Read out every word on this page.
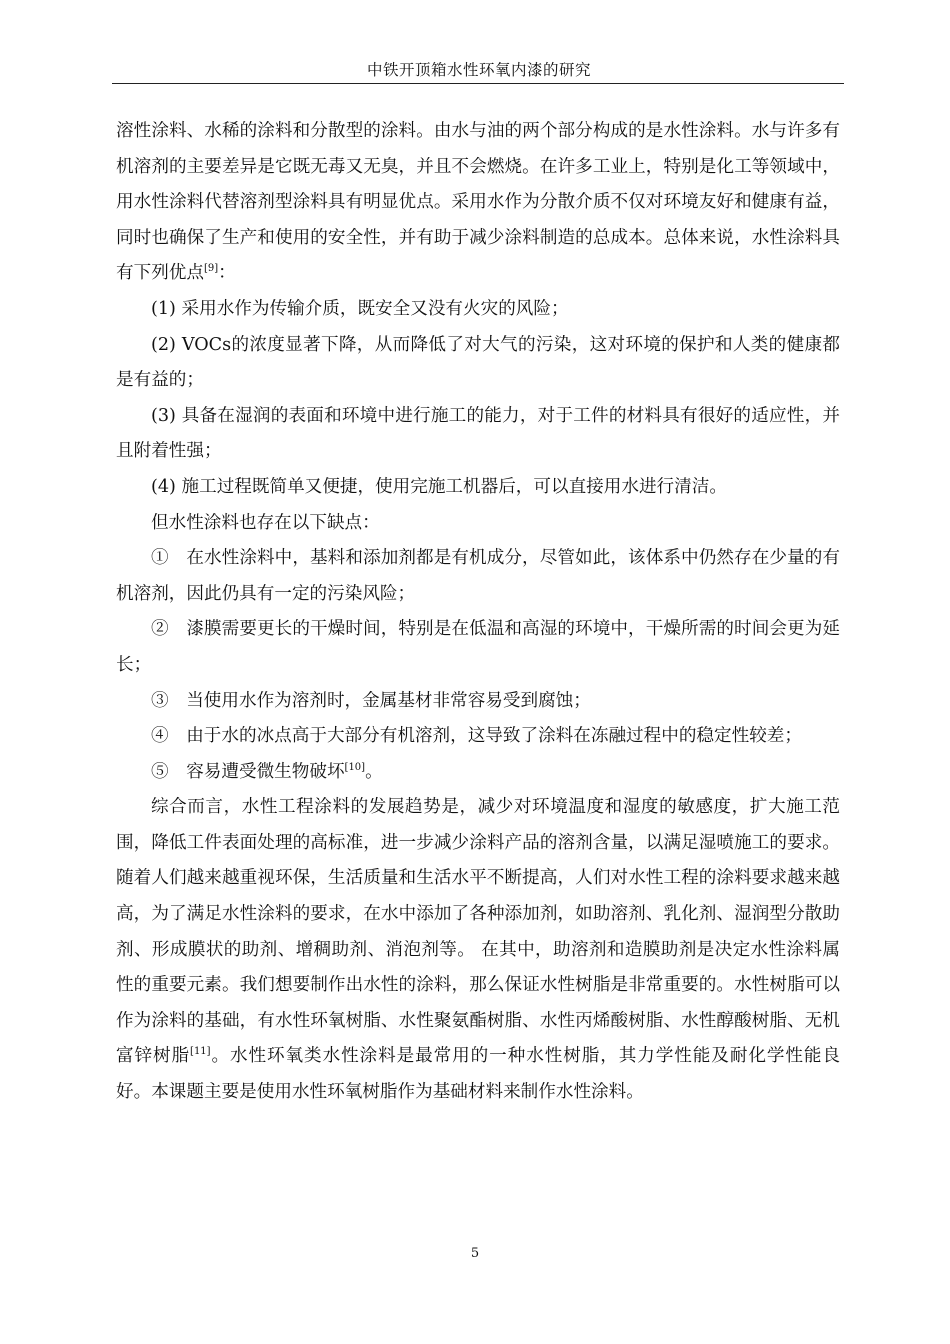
中铁开顶箱水性环氧内漆的研究

溶性涂料、水稀的涂料和分散型的涂料。由水与油的两个部分构成的是水性涂料。水与许多有机溶剂的主要差异是它既无毒又无臭，并且不会燃烧。在许多工业上，特别是化工等领域中，用水性涂料代替溶剂型涂料具有明显优点。采用水作为分散介质不仅对环境友好和健康有益，同时也确保了生产和使用的安全性，并有助于减少涂料制造的总成本。总体来说，水性涂料具有下列优点[9]：

(1) 采用水作为传输介质，既安全又没有火灾的风险；

(2) VOCs的浓度显著下降，从而降低了对大气的污染，这对环境的保护和人类的健康都是有益的；

(3) 具备在湿润的表面和环境中进行施工的能力，对于工件的材料具有很好的适应性，并且附着性强；

(4) 施工过程既简单又便捷，使用完施工机器后，可以直接用水进行清洁。

但水性涂料也存在以下缺点：

①　在水性涂料中，基料和添加剂都是有机成分，尽管如此，该体系中仍然存在少量的有机溶剂，因此仍具有一定的污染风险；

②　漆膜需要更长的干燥时间，特别是在低温和高湿的环境中，干燥所需的时间会更为延长；

③　当使用水作为溶剂时，金属基材非常容易受到腐蚀；

④　由于水的冰点高于大部分有机溶剂，这导致了涂料在冻融过程中的稳定性较差；

⑤　容易遭受微生物破坏[10]。

综合而言，水性工程涂料的发展趋势是，减少对环境温度和湿度的敏感度，扩大施工范围，降低工件表面处理的高标准，进一步减少涂料产品的溶剂含量，以满足湿喷施工的要求。随着人们越来越重视环保，生活质量和生活水平不断提高，人们对水性工程的涂料要求越来越高，为了满足水性涂料的要求，在水中添加了各种添加剂，如助溶剂、乳化剂、湿润型分散助剂、形成膜状的助剂、增稠助剂、消泡剂等。 在其中，助溶剂和造膜助剂是决定水性涂料属性的重要元素。我们想要制作出水性的涂料，那么保证水性树脂是非常重要的。水性树脂可以作为涂料的基础，有水性环氧树脂、水性聚氨酯树脂、水性丙烯酸树脂、水性醇酸树脂、无机富锌树脂[11]。水性环氧类水性涂料是最常用的一种水性树脂，其力学性能及耐化学性能良好。本课题主要是使用水性环氧树脂作为基础材料来制作水性涂料。

5
